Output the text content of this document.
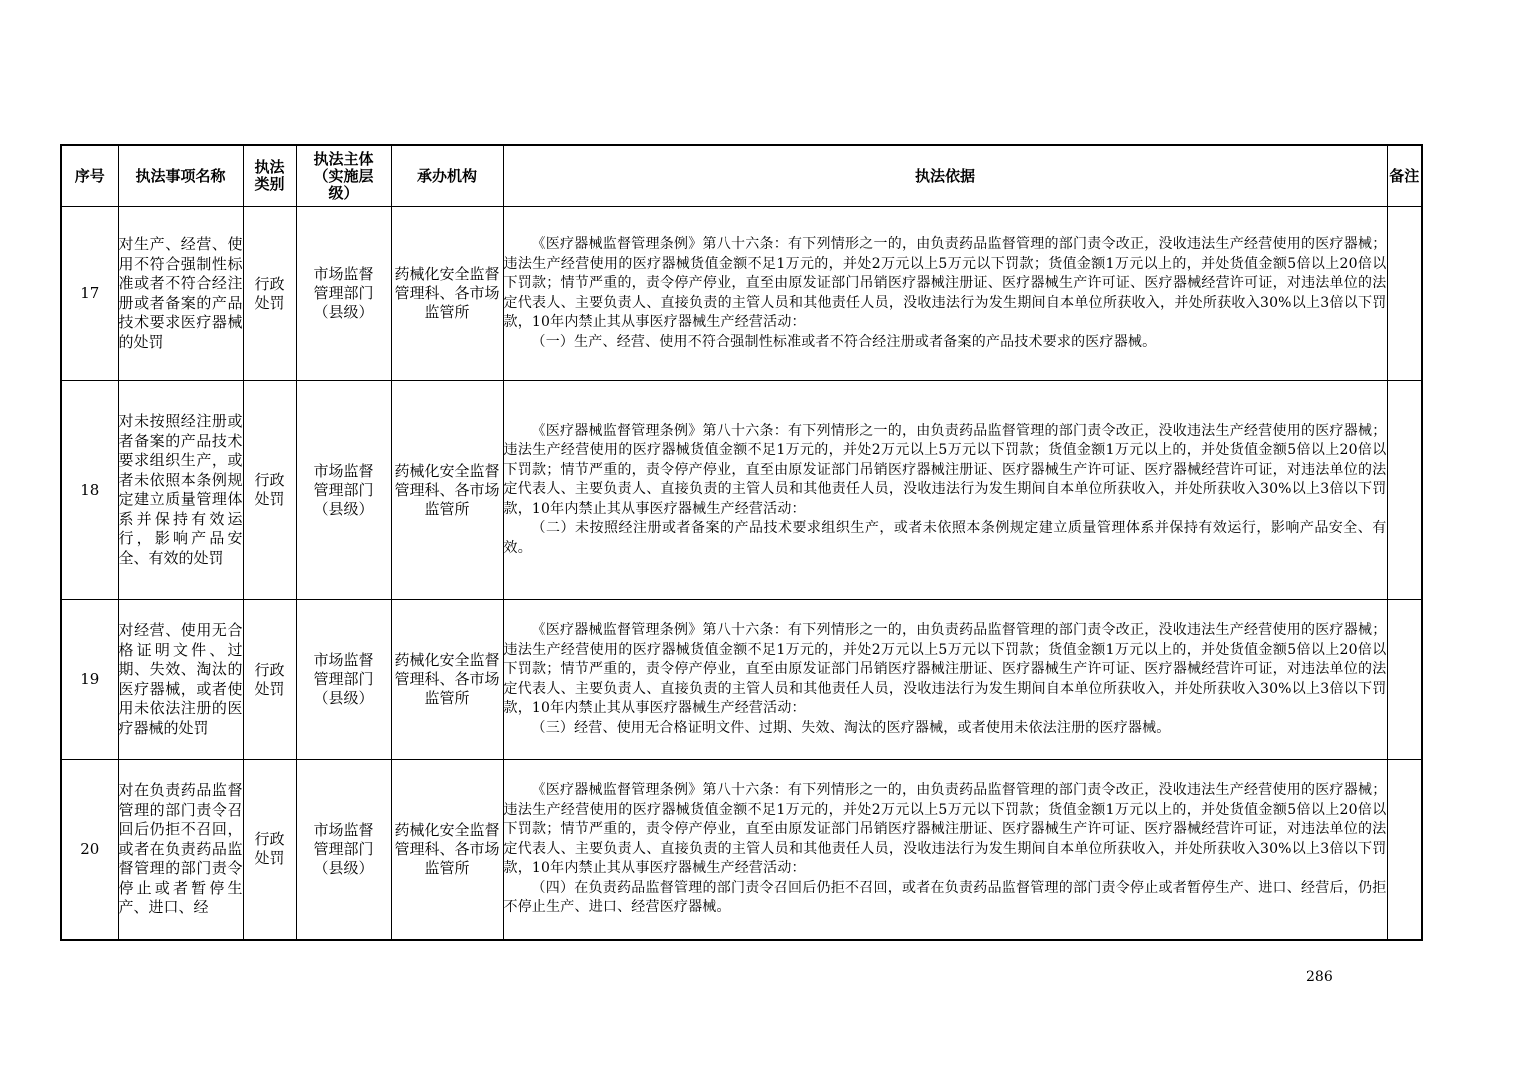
序号	执法事项名称	执法类别	执法主体（实施层级）	承办机构	执法依据	备注
17	对生产、经营、使用不符合强制性标准或者不符合经注册或者备案的产品技术要求医疗器械的处罚	行政处罚	市场监督管理部门（县级）	药械化安全监督管理科、各市场监管所	《医疗器械监督管理条例》第八十六条：有下列情形之一的，由负责药品监督管理的部门责令改正，没收违法生产经营使用的医疗器械；违法生产经营使用的医疗器械货值金额不足1万元的，并处2万元以上5万元以下罚款；货值金额1万元以上的，并处货值金额5倍以上20倍以下罚款；情节严重的，责令停产停业，直至由原发证部门吊销医疗器械注册证、医疗器械生产许可证、医疗器械经营许可证，对违法单位的法定代表人、主要负责人、直接负责的主管人员和其他责任人员，没收违法行为发生期间自本单位所获收入，并处所获收入30%以上3倍以下罚款，10年内禁止其从事医疗器械生产经营活动：

（一）生产、经营、使用不符合强制性标准或者不符合经注册或者备案的产品技术要求的医疗器械。	

18	对未按照经注册或者备案的产品技术要求组织生产，或者未依照本条例规定建立质量管理体系并保持有效运行，影响产品安全、有效的处罚	行政处罚	市场监督管理部门（县级）	药械化安全监督管理科、各市场监管所	《医疗器械监督管理条例》第八十六条：有下列情形之一的，由负责药品监督管理的部门责令改正，没收违法生产经营使用的医疗器械；违法生产经营使用的医疗器械货值金额不足1万元的，并处2万元以上5万元以下罚款；货值金额1万元以上的，并处货值金额5倍以上20倍以下罚款；情节严重的，责令停产停业，直至由原发证部门吊销医疗器械注册证、医疗器械生产许可证、医疗器械经营许可证，对违法单位的法定代表人、主要负责人、直接负责的主管人员和其他责任人员，没收违法行为发生期间自本单位所获收入，并处所获收入30%以上3倍以下罚款，10年内禁止其从事医疗器械生产经营活动：

（二）未按照经注册或者备案的产品技术要求组织生产，或者未依照本条例规定建立质量管理体系并保持有效运行，影响产品安全、有效。	

19	对经营、使用无合格证明文件、过期、失效、淘汰的医疗器械，或者使用未依法注册的医疗器械的处罚	行政处罚	市场监督管理部门（县级）	药械化安全监督管理科、各市场监管所	《医疗器械监督管理条例》第八十六条：有下列情形之一的，由负责药品监督管理的部门责令改正，没收违法生产经营使用的医疗器械；违法生产经营使用的医疗器械货值金额不足1万元的，并处2万元以上5万元以下罚款；货值金额1万元以上的，并处货值金额5倍以上20倍以下罚款；情节严重的，责令停产停业，直至由原发证部门吊销医疗器械注册证、医疗器械生产许可证、医疗器械经营许可证，对违法单位的法定代表人、主要负责人、直接负责的主管人员和其他责任人员，没收违法行为发生期间自本单位所获收入，并处所获收入30%以上3倍以下罚款，10年内禁止其从事医疗器械生产经营活动：

（三）经营、使用无合格证明文件、过期、失效、淘汰的医疗器械，或者使用未依法注册的医疗器械。	

20	对在负责药品监督管理的部门责令召回后仍拒不召回，或者在负责药品监督管理的部门责令停止或者暂停生产、进口、经	行政处罚	市场监督管理部门（县级）	药械化安全监督管理科、各市场监管所	《医疗器械监督管理条例》第八十六条：有下列情形之一的，由负责药品监督管理的部门责令改正，没收违法生产经营使用的医疗器械；违法生产经营使用的医疗器械货值金额不足1万元的，并处2万元以上5万元以下罚款；货值金额1万元以上的，并处货值金额5倍以上20倍以下罚款；情节严重的，责令停产停业，直至由原发证部门吊销医疗器械注册证、医疗器械生产许可证、医疗器械经营许可证，对违法单位的法定代表人、主要负责人、直接负责的主管人员和其他责任人员，没收违法行为发生期间自本单位所获收入，并处所获收入30%以上3倍以下罚款，10年内禁止其从事医疗器械生产经营活动：

（四）在负责药品监督管理的部门责令召回后仍拒不召回，或者在负责药品监督管理的部门责令停止或者暂停生产、进口、经营后，仍拒不停止生产、进口、经营医疗器械。	

286
